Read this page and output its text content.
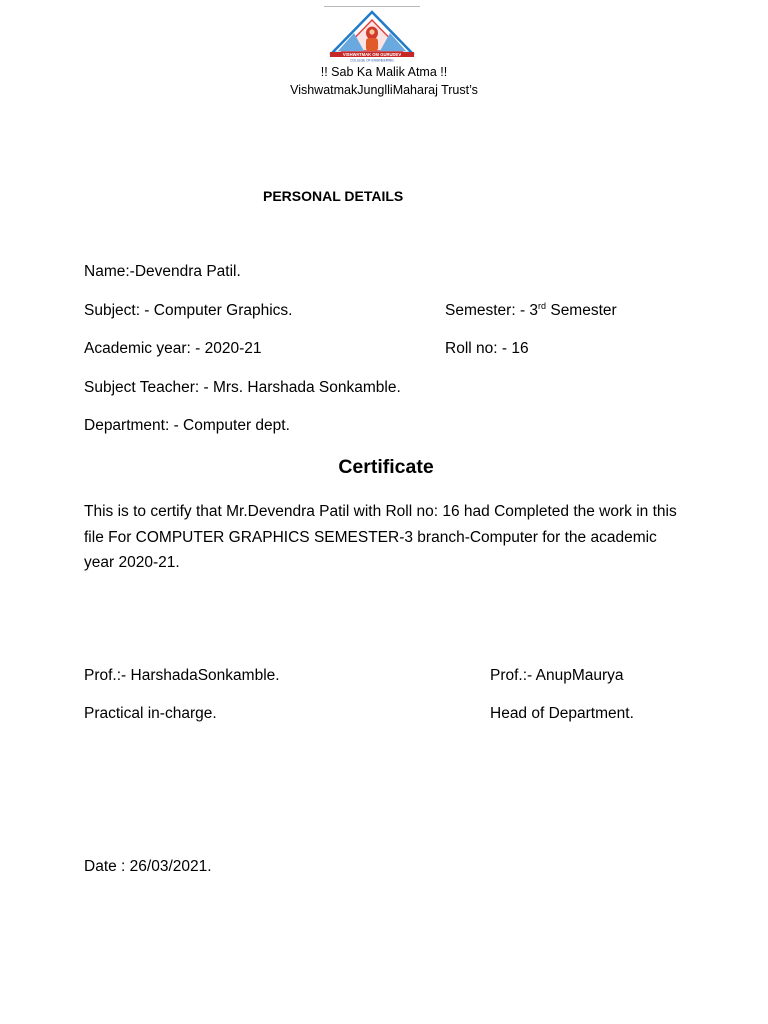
VISHWATMAK OM GURUDEV
COLLEGE OF ENGINEERING
!! Sab Ka Malik Atma !!
VishwatmakJunglliMaharaj Trust’s
PERSONAL DETAILS
Name:-Devendra Patil.
Subject: - Computer Graphics.	Semester: - 3rd Semester
Academic year: - 2020-21	Roll no: - 16
Subject Teacher: - Mrs. Harshada Sonkamble.
Department: - Computer dept.
Certificate

This is to certify that Mr.Devendra Patil with Roll no: 16 had Completed the work in this file For COMPUTER GRAPHICS SEMESTER-3 branch-Computer for the academic year 2020-21.

Prof.:- HarshadaSonkamble.	Prof.:- AnupMaurya
Practical in-charge.	Head of Department.
Date : 26/03/2021.
